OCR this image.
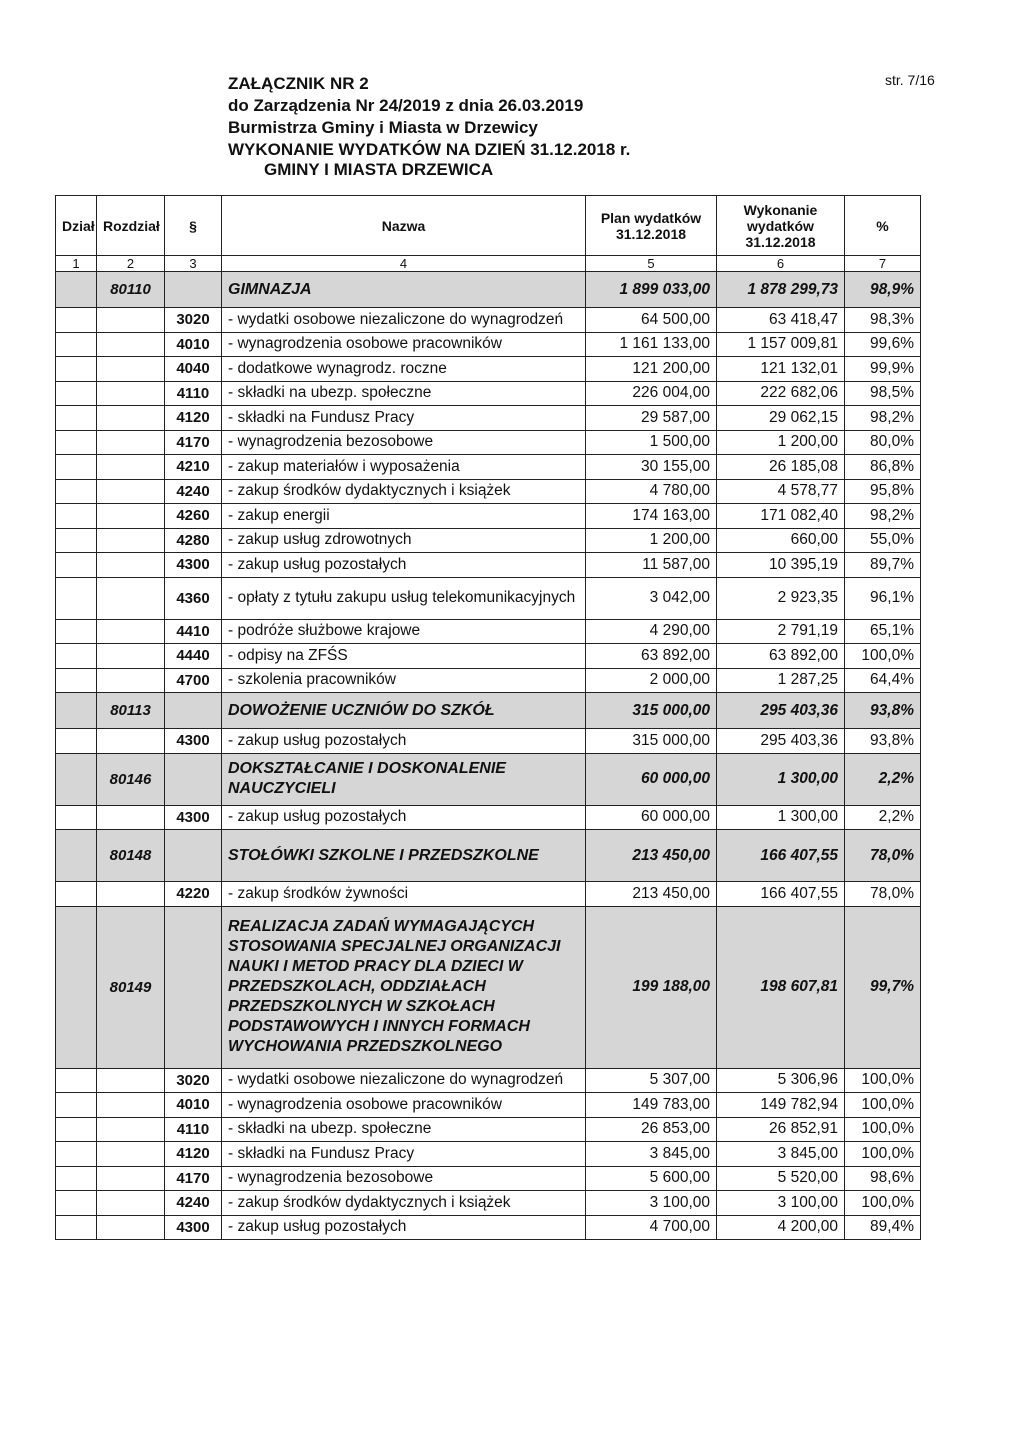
ZAŁĄCZNIK NR 2
do Zarządzenia Nr 24/2019 z dnia 26.03.2019
Burmistrza Gminy i Miasta w Drzewicy
WYKONANIE WYDATKÓW NA DZIEŃ 31.12.2018 r.
GMINY I MIASTA DRZEWICA
str. 7/16
Dział	Rozdział	§	Nazwa	Plan wydatków 31.12.2018	Wykonanie wydatków 31.12.2018	%
1	2	3	4	5	6	7
	80110		GIMNAZJA	1 899 033,00	1 878 299,73	98,9%
		3020	- wydatki osobowe niezaliczone do wynagrodzeń	64 500,00	63 418,47	98,3%
		4010	- wynagrodzenia osobowe pracowników	1 161 133,00	1 157 009,81	99,6%
		4040	- dodatkowe wynagrodz. roczne	121 200,00	121 132,01	99,9%
		4110	- składki na ubezp. społeczne	226 004,00	222 682,06	98,5%
		4120	- składki na Fundusz Pracy	29 587,00	29 062,15	98,2%
		4170	- wynagrodzenia bezosobowe	1 500,00	1 200,00	80,0%
		4210	- zakup materiałów i wyposażenia	30 155,00	26 185,08	86,8%
		4240	- zakup środków dydaktycznych i książek	4 780,00	4 578,77	95,8%
		4260	- zakup energii	174 163,00	171 082,40	98,2%
		4280	- zakup usług zdrowotnych	1 200,00	660,00	55,0%
		4300	- zakup usług pozostałych	11 587,00	10 395,19	89,7%
		4360	- opłaty z tytułu zakupu usług telekomunikacyjnych	3 042,00	2 923,35	96,1%
		4410	- podróże służbowe krajowe	4 290,00	2 791,19	65,1%
		4440	- odpisy na ZFŚS	63 892,00	63 892,00	100,0%
		4700	- szkolenia pracowników	2 000,00	1 287,25	64,4%
	80113		DOWOŻENIE UCZNIÓW DO SZKÓŁ	315 000,00	295 403,36	93,8%
		4300	- zakup usług pozostałych	315 000,00	295 403,36	93,8%
	80146		DOKSZTAŁCANIE I DOSKONALENIE NAUCZYCIELI	60 000,00	1 300,00	2,2%
		4300	- zakup usług pozostałych	60 000,00	1 300,00	2,2%
	80148		STOŁÓWKI SZKOLNE I PRZEDSZKOLNE	213 450,00	166 407,55	78,0%
		4220	- zakup środków żywności	213 450,00	166 407,55	78,0%
	80149		REALIZACJA ZADAŃ WYMAGAJĄCYCH STOSOWANIA SPECJALNEJ ORGANIZACJI NAUKI I METOD PRACY DLA DZIECI W PRZEDSZKOLACH, ODDZIAŁACH PRZEDSZKOLNYCH W SZKOŁACH PODSTAWOWYCH I INNYCH FORMACH WYCHOWANIA PRZEDSZKOLNEGO	199 188,00	198 607,81	99,7%
		3020	- wydatki osobowe niezaliczone do wynagrodzeń	5 307,00	5 306,96	100,0%
		4010	- wynagrodzenia osobowe pracowników	149 783,00	149 782,94	100,0%
		4110	- składki na ubezp. społeczne	26 853,00	26 852,91	100,0%
		4120	- składki na Fundusz Pracy	3 845,00	3 845,00	100,0%
		4170	- wynagrodzenia bezosobowe	5 600,00	5 520,00	98,6%
		4240	- zakup środków dydaktycznych i książek	3 100,00	3 100,00	100,0%
		4300	- zakup usług pozostałych	4 700,00	4 200,00	89,4%
